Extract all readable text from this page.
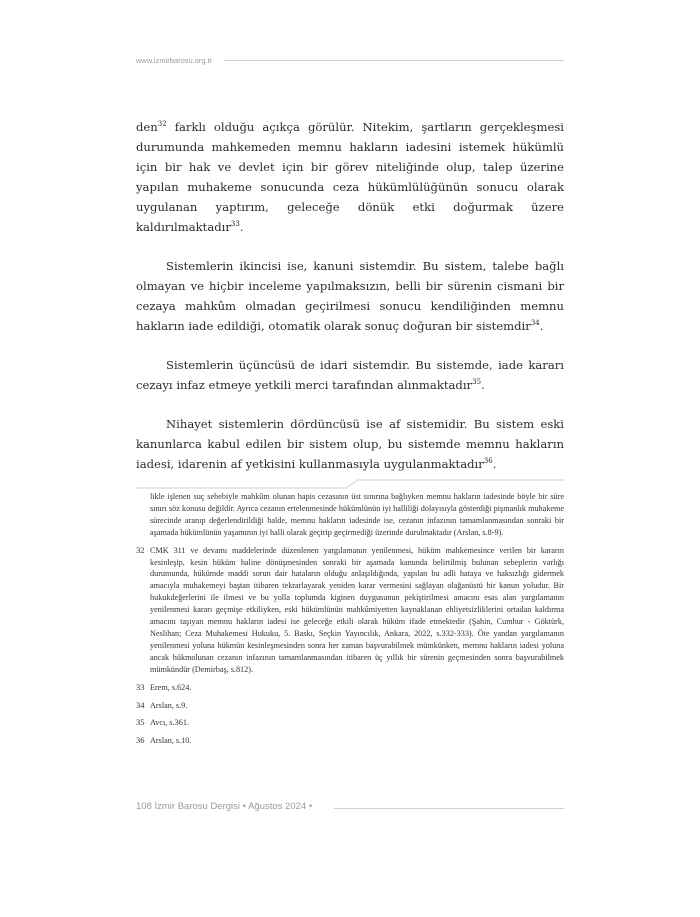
www.izmirbarosu.org.tr

den$^{32}$ farklı olduğu açıkça görülür. Nitekim, şartların gerçekleşmesi durumunda mahkemeden memnu hakların iadesini istemek hükümlü için bir hak ve devlet için bir görev niteliğinde olup, talep üzerine yapılan muhakeme sonucunda ceza hükümlülüğünün sonucu olarak uygulanan yaptırım, geleceğe dönük etki doğurmak üzere kaldırılmaktadır$^{33}$.

Sistemlerin ikincisi ise, kanuni sistemdir. Bu sistem, talebe bağlı olmayan ve hiçbir inceleme yapılmaksızın, belli bir sürenin cismani bir cezaya mahkûm olmadan geçirilmesi sonucu kendiliğinden memnu hakların iade edildiği, otomatik olarak sonuç doğuran bir sistemdir$^{34}$.

Sistemlerin üçüncüsü de idari sistemdir. Bu sistemde, iade kararı cezayı infaz etmeye yetkili merci tarafından alınmaktadır$^{35}$.

Nihayet sistemlerin dördüncüsü ise af sistemidir. Bu sistem eski kanunlarca kabul edilen bir sistem olup, bu sistemde memnu hakların iadesi, idarenin af yetkisini kullanmasıyla uygulanmaktadır$^{36}$.

likle işlenen suç sebebiyle mahkûm olunan hapis cezasının üst sınırına bağlıyken memnu hakların iadesinde böyle bir süre sınırı söz konusu değildir. Ayrıca cezanın ertelenmesinde hükümlünün iyi halliliği dolayısıyla gösterdiği pişmanlık muhakeme sürecinde aranıp değerlendirildiği halde, memnu hakların iadesinde ise, cezanın infazının tamamlanmasından sonraki bir aşamada hükümlünün yaşamının iyi halli olarak geçirip geçirmediği üzerinde durulmaktadır (Arslan, s.8-9).
32 CMK 311 ve devamı maddelerinde düzenlenen yargılamanın yenilenmesi, hüküm mahkemesince verilen bir kararın kesinleşip, kesin hüküm haline dönüşmesinden sonraki bir aşamada kanunda belirtilmiş bulunan sebeplerin varlığı durumunda, hükümde maddi sorun dair hataların olduğu anlaşıldığında, yapılan bu adli hataya ve haksızlığı gidermek amacıyla muhakemeyi baştan itibaren tekrarlayarak yeniden karar vermesini sağlayan olağanüstü bir kanun yoludur. Bir hukukdeğerlerini ile ilmesi ve bu yolla toplumda kiginen duygusunun pekiştirilmesi amacını esas alan yargılamanın yenilenmesi kararı geçmişe etkiliyken, eski hükümlünün mahkûmiyetten kaynaklanan ehliyetsizliklerini ortadan kaldırma amacını taşıyan memnu hakların iadesi ise geleceğe etkili olarak hüküm ifade etmektedir (Şahin, Cumhur - Göktürk, Neslihan; Ceza Muhakemesi Hukuku, 5. Baskı, Seçkin Yayıncılık, Ankara, 2022, s.332-333). Öte yandan yargılamanın yenilenmesi yoluna hükmün kesinleşmesinden sonra her zaman başvurabilmek mümkünken, memnu hakların iadesi yoluna ancak hükmolunan cezanın infazının tamamlanmasından itibaren üç yıllık bir sürenin geçmesinden sonra başvurabilmek mümkündür (Demirbaş, s.812).
33 Erem, s.624.
34 Arslan, s.9.
35 Avcı, s.361.
36 Arslan, s.10.
108 İzmir Barosu Dergisi • Ağustos 2024 •
